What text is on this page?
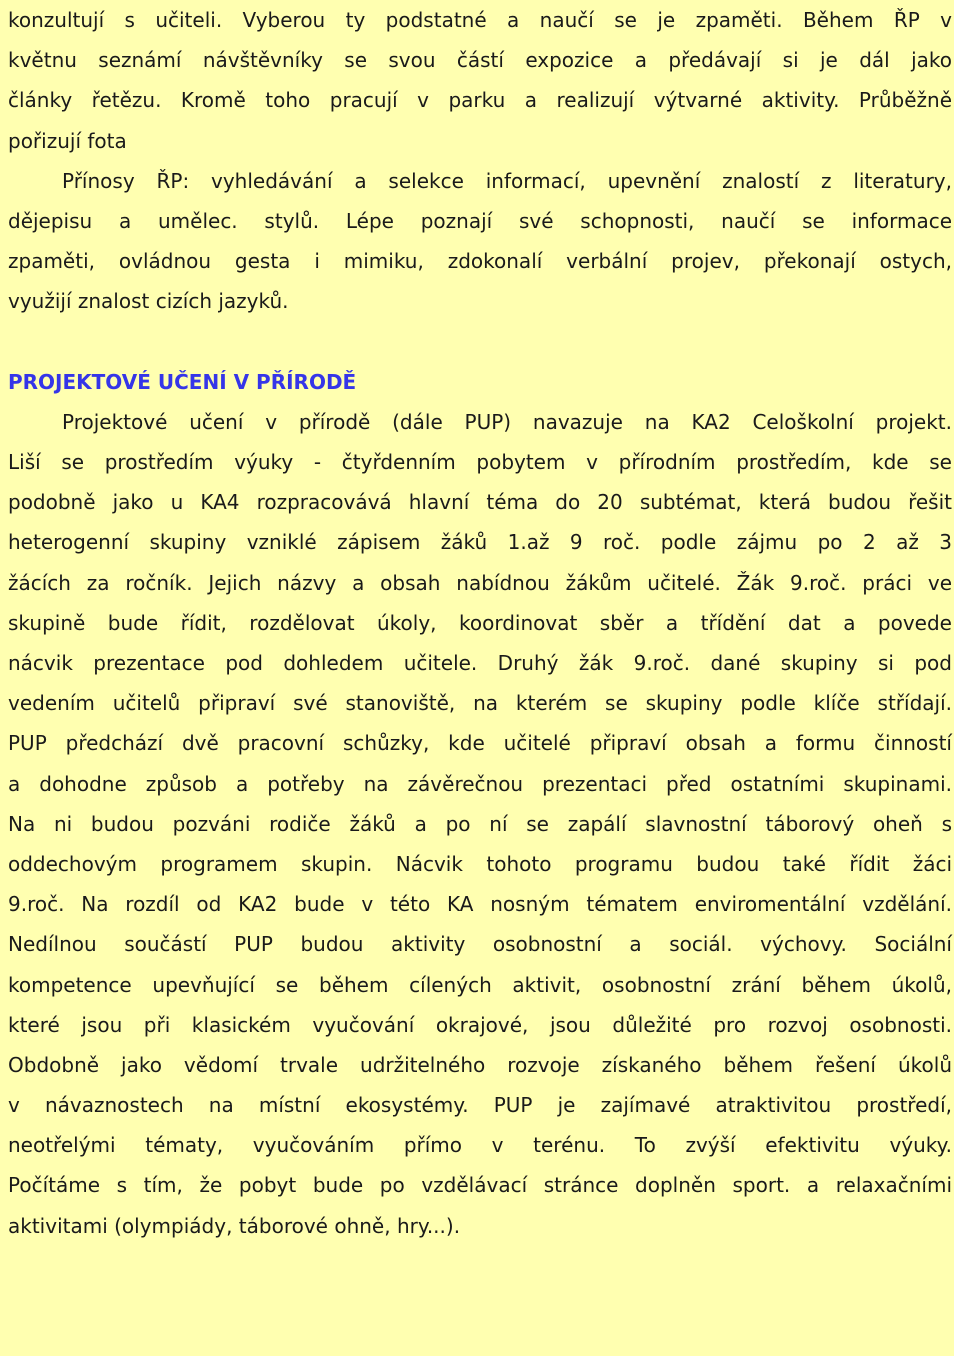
konzultují s učiteli. Vyberou ty podstatné a naučí se je zpaměti. Během ŘP v
květnu seznámí návštěvníky se svou částí expozice a předávají si je dál jako
články řetězu. Kromě toho pracují v parku a realizují výtvarné aktivity. Průběžně
pořizují fota
Přínosy ŘP: vyhledávání a selekce informací, upevnění znalostí z literatury,
dějepisu a umělec. stylů. Lépe poznají své schopnosti, naučí se informace
zpaměti, ovládnou gesta i mimiku, zdokonalí verbální projev, překonají ostych,
využijí znalost cizích jazyků.
PROJEKTOVÉ UČENÍ V PŘÍRODĚ
Projektové učení v přírodě (dále PUP) navazuje na KA2 Celoškolní projekt.
Liší se prostředím výuky - čtyřdenním pobytem v přírodním prostředím, kde se
podobně jako u KA4 rozpracovává hlavní téma do 20 subtémat, která budou řešit
heterogenní skupiny vzniklé zápisem žáků 1.až 9 roč. podle zájmu po 2 až 3
žácích za ročník. Jejich názvy a obsah nabídnou žákům učitelé. Žák 9.roč. práci ve
skupině bude řídit, rozdělovat úkoly, koordinovat sběr a třídění dat a povede
nácvik prezentace pod dohledem učitele. Druhý žák 9.roč. dané skupiny si pod
vedením učitelů připraví své stanoviště, na kterém se skupiny podle klíče střídají.
PUP předchází dvě pracovní schůzky, kde učitelé připraví obsah a formu činností
a dohodne způsob a potřeby na závěrečnou prezentaci před ostatními skupinami.
Na ni budou pozváni rodiče žáků a po ní se zapálí slavnostní táborový oheň s
oddechovým programem skupin. Nácvik tohoto programu budou také řídit žáci
9.roč. Na rozdíl od KA2 bude v této KA nosným tématem enviromentální vzdělání.
Nedílnou součástí PUP budou aktivity osobnostní a sociál. výchovy. Sociální
kompetence upevňující se během cílených aktivit, osobnostní zrání během úkolů,
které jsou při klasickém vyučování okrajové, jsou důležité pro rozvoj osobnosti.
Obdobně jako vědomí trvale udržitelného rozvoje získaného během řešení úkolů
v návaznostech na místní ekosystémy. PUP je zajímavé atraktivitou prostředí,
neotřelými tématy, vyučováním přímo v terénu. To zvýší efektivitu výuky.
Počítáme s tím, že pobyt bude po vzdělávací stránce doplněn sport. a relaxačními
aktivitami (olympiády, táborové ohně, hry...).
